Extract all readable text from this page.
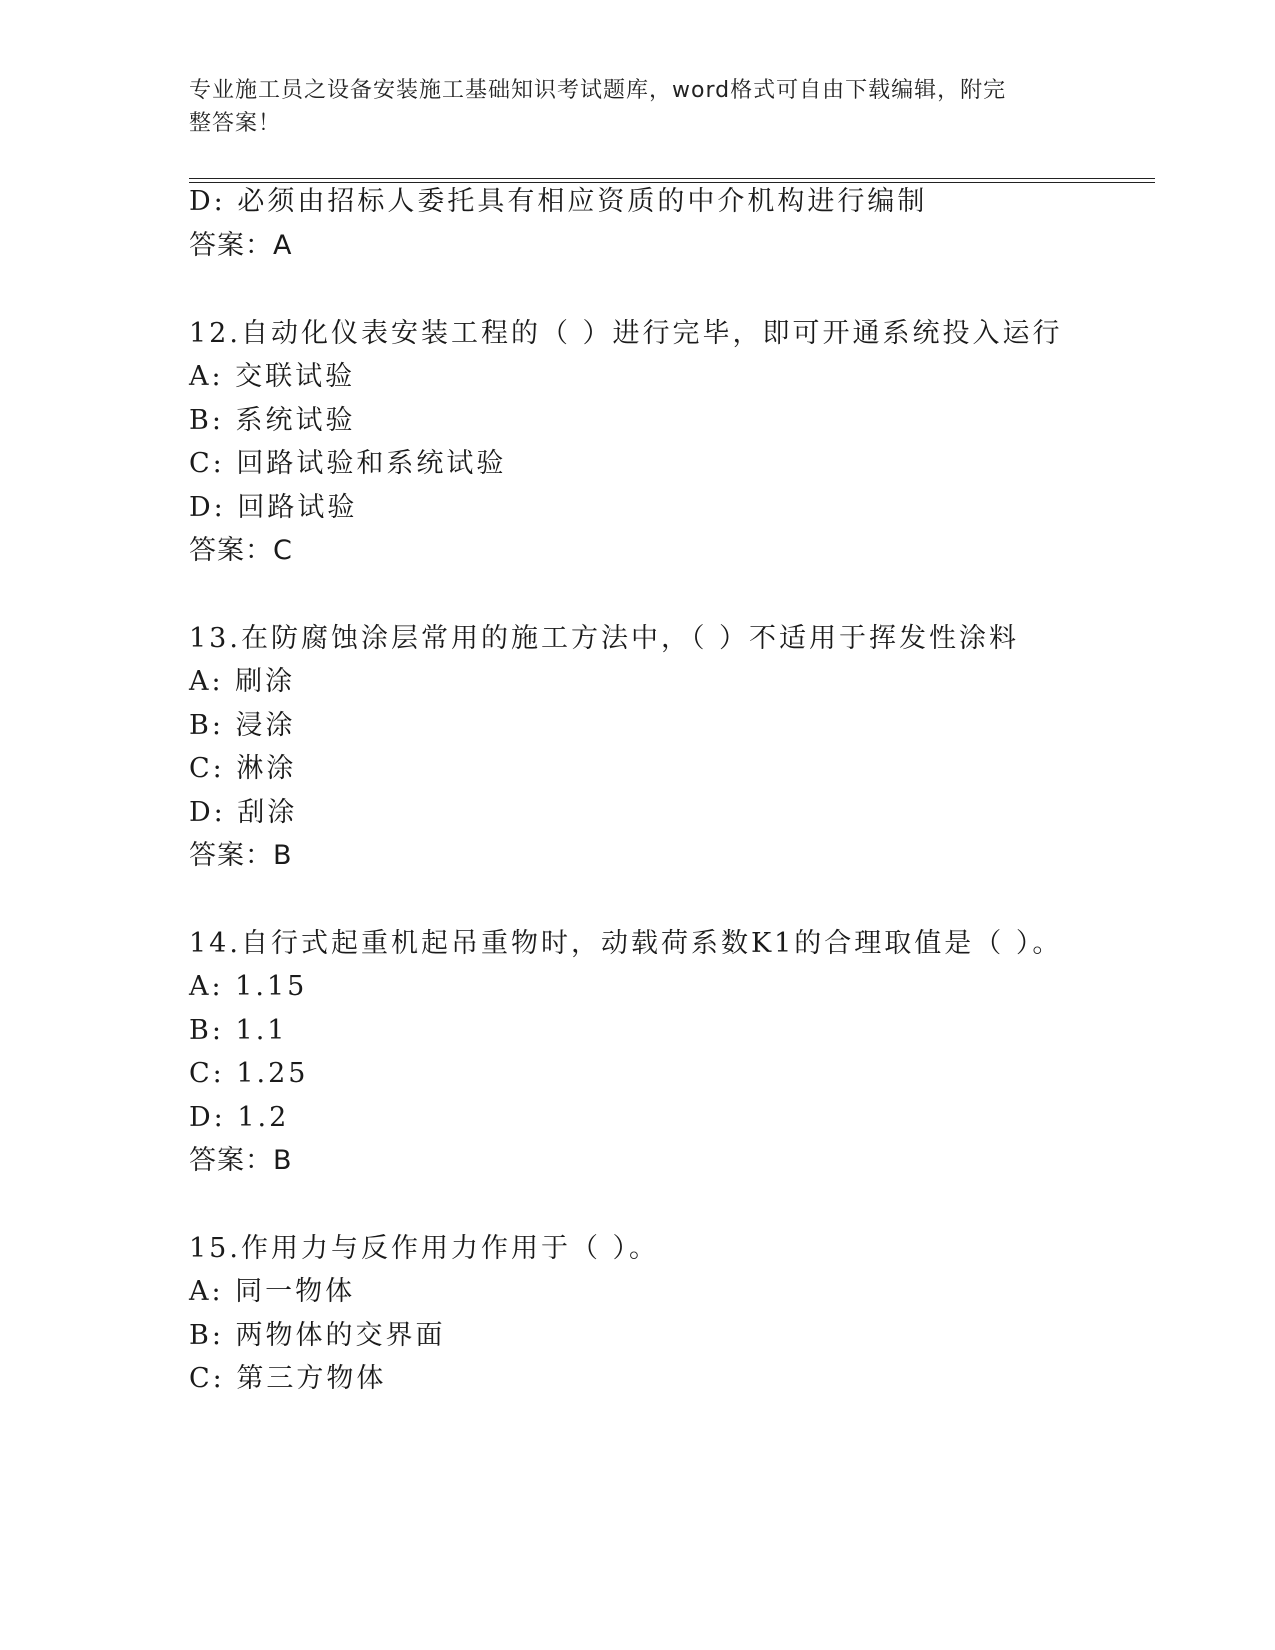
专业施工员之设备安装施工基础知识考试题库，word格式可自由下载编辑，附完
整答案！
D: 必须由招标人委托具有相应资质的中介机构进行编制
答案：A
12.自动化仪表安装工程的（ ）进行完毕，即可开通系统投入运行
A: 交联试验
B: 系统试验
C: 回路试验和系统试验
D: 回路试验
答案：C
13.在防腐蚀涂层常用的施工方法中，（ ）不适用于挥发性涂料
A: 刷涂
B: 浸涂
C: 淋涂
D: 刮涂
答案：B
14.自行式起重机起吊重物时，动载荷系数K1的合理取值是（ ）。
A: 1.15
B: 1.1
C: 1.25
D: 1.2
答案：B
15.作用力与反作用力作用于（ ）。
A: 同一物体
B: 两物体的交界面
C: 第三方物体
